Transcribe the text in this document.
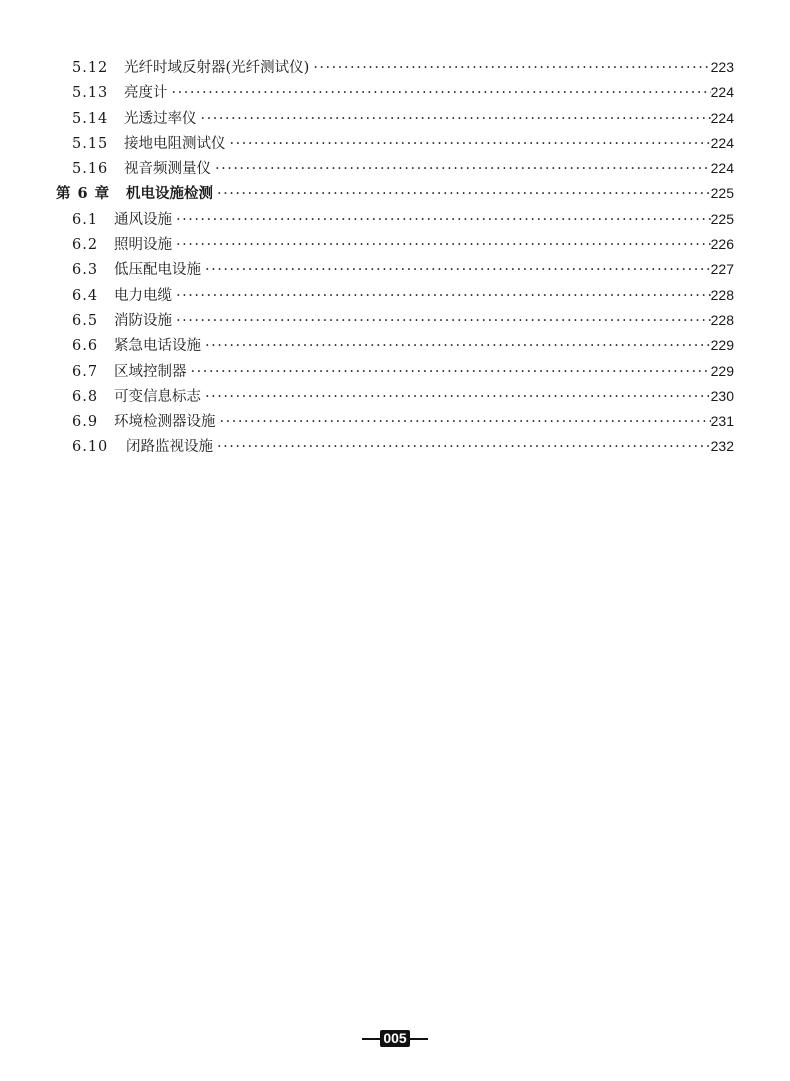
5.12	光纤时域反射器(光纤测试仪) ·····	223
5.13	亮度计 ·····	224
5.14	光透过率仪 ·····	224
5.15	接地电阻测试仪 ·····	224
5.16	视音频测量仪 ·····	224
第 6 章	机电设施检测 ·····	225
6.1	通风设施 ·····	225
6.2	照明设施 ·····	226
6.3	低压配电设施 ·····	227
6.4	电力电缆 ·····	228
6.5	消防设施 ·····	228
6.6	紧急电话设施 ·····	229
6.7	区域控制器 ·····	229
6.8	可变信息标志 ·····	230
6.9	环境检测器设施 ·····	231
6.10	闭路监视设施 ·····	232
005
